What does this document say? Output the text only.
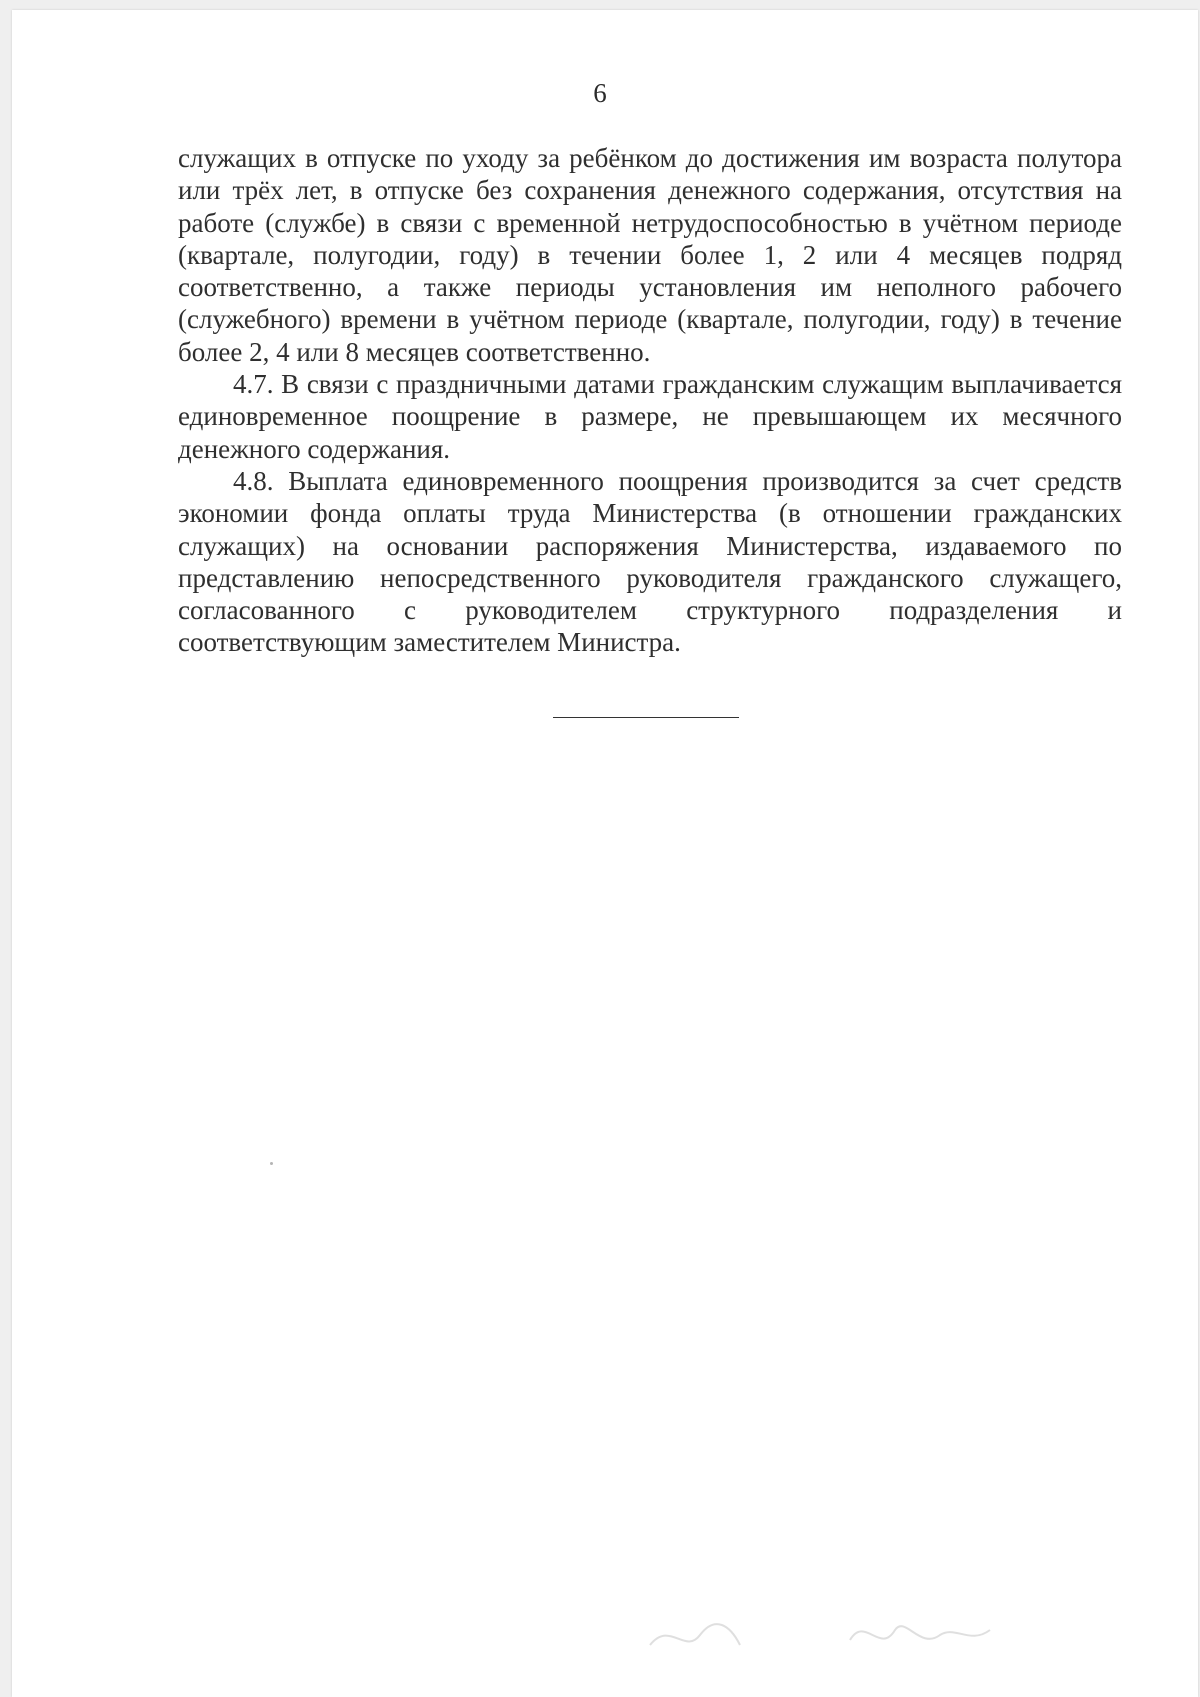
6

служащих в отпуске по уходу за ребёнком до достижения им возраста полутора или трёх лет, в отпуске без сохранения денежного содержания, отсутствия на работе (службе) в связи с временной нетрудоспособностью в учётном периоде (квартале, полугодии, году) в течении более 1, 2 или 4 месяцев подряд соответственно, а также периоды установления им неполного рабочего (служебного) времени в учётном периоде (квартале, полугодии, году) в течение более 2, 4 или 8 месяцев соответственно.

4.7. В связи с праздничными датами гражданским служащим выплачивается единовременное поощрение в размере, не превышающем их месячного денежного содержания.

4.8. Выплата единовременного поощрения производится за счет средств экономии фонда оплаты труда Министерства (в отношении гражданских служащих) на основании распоряжения Министерства, издаваемого по представлению непосредственного руководителя гражданского служащего, согласованного с руководителем структурного подразделения и соответствующим заместителем Министра.
